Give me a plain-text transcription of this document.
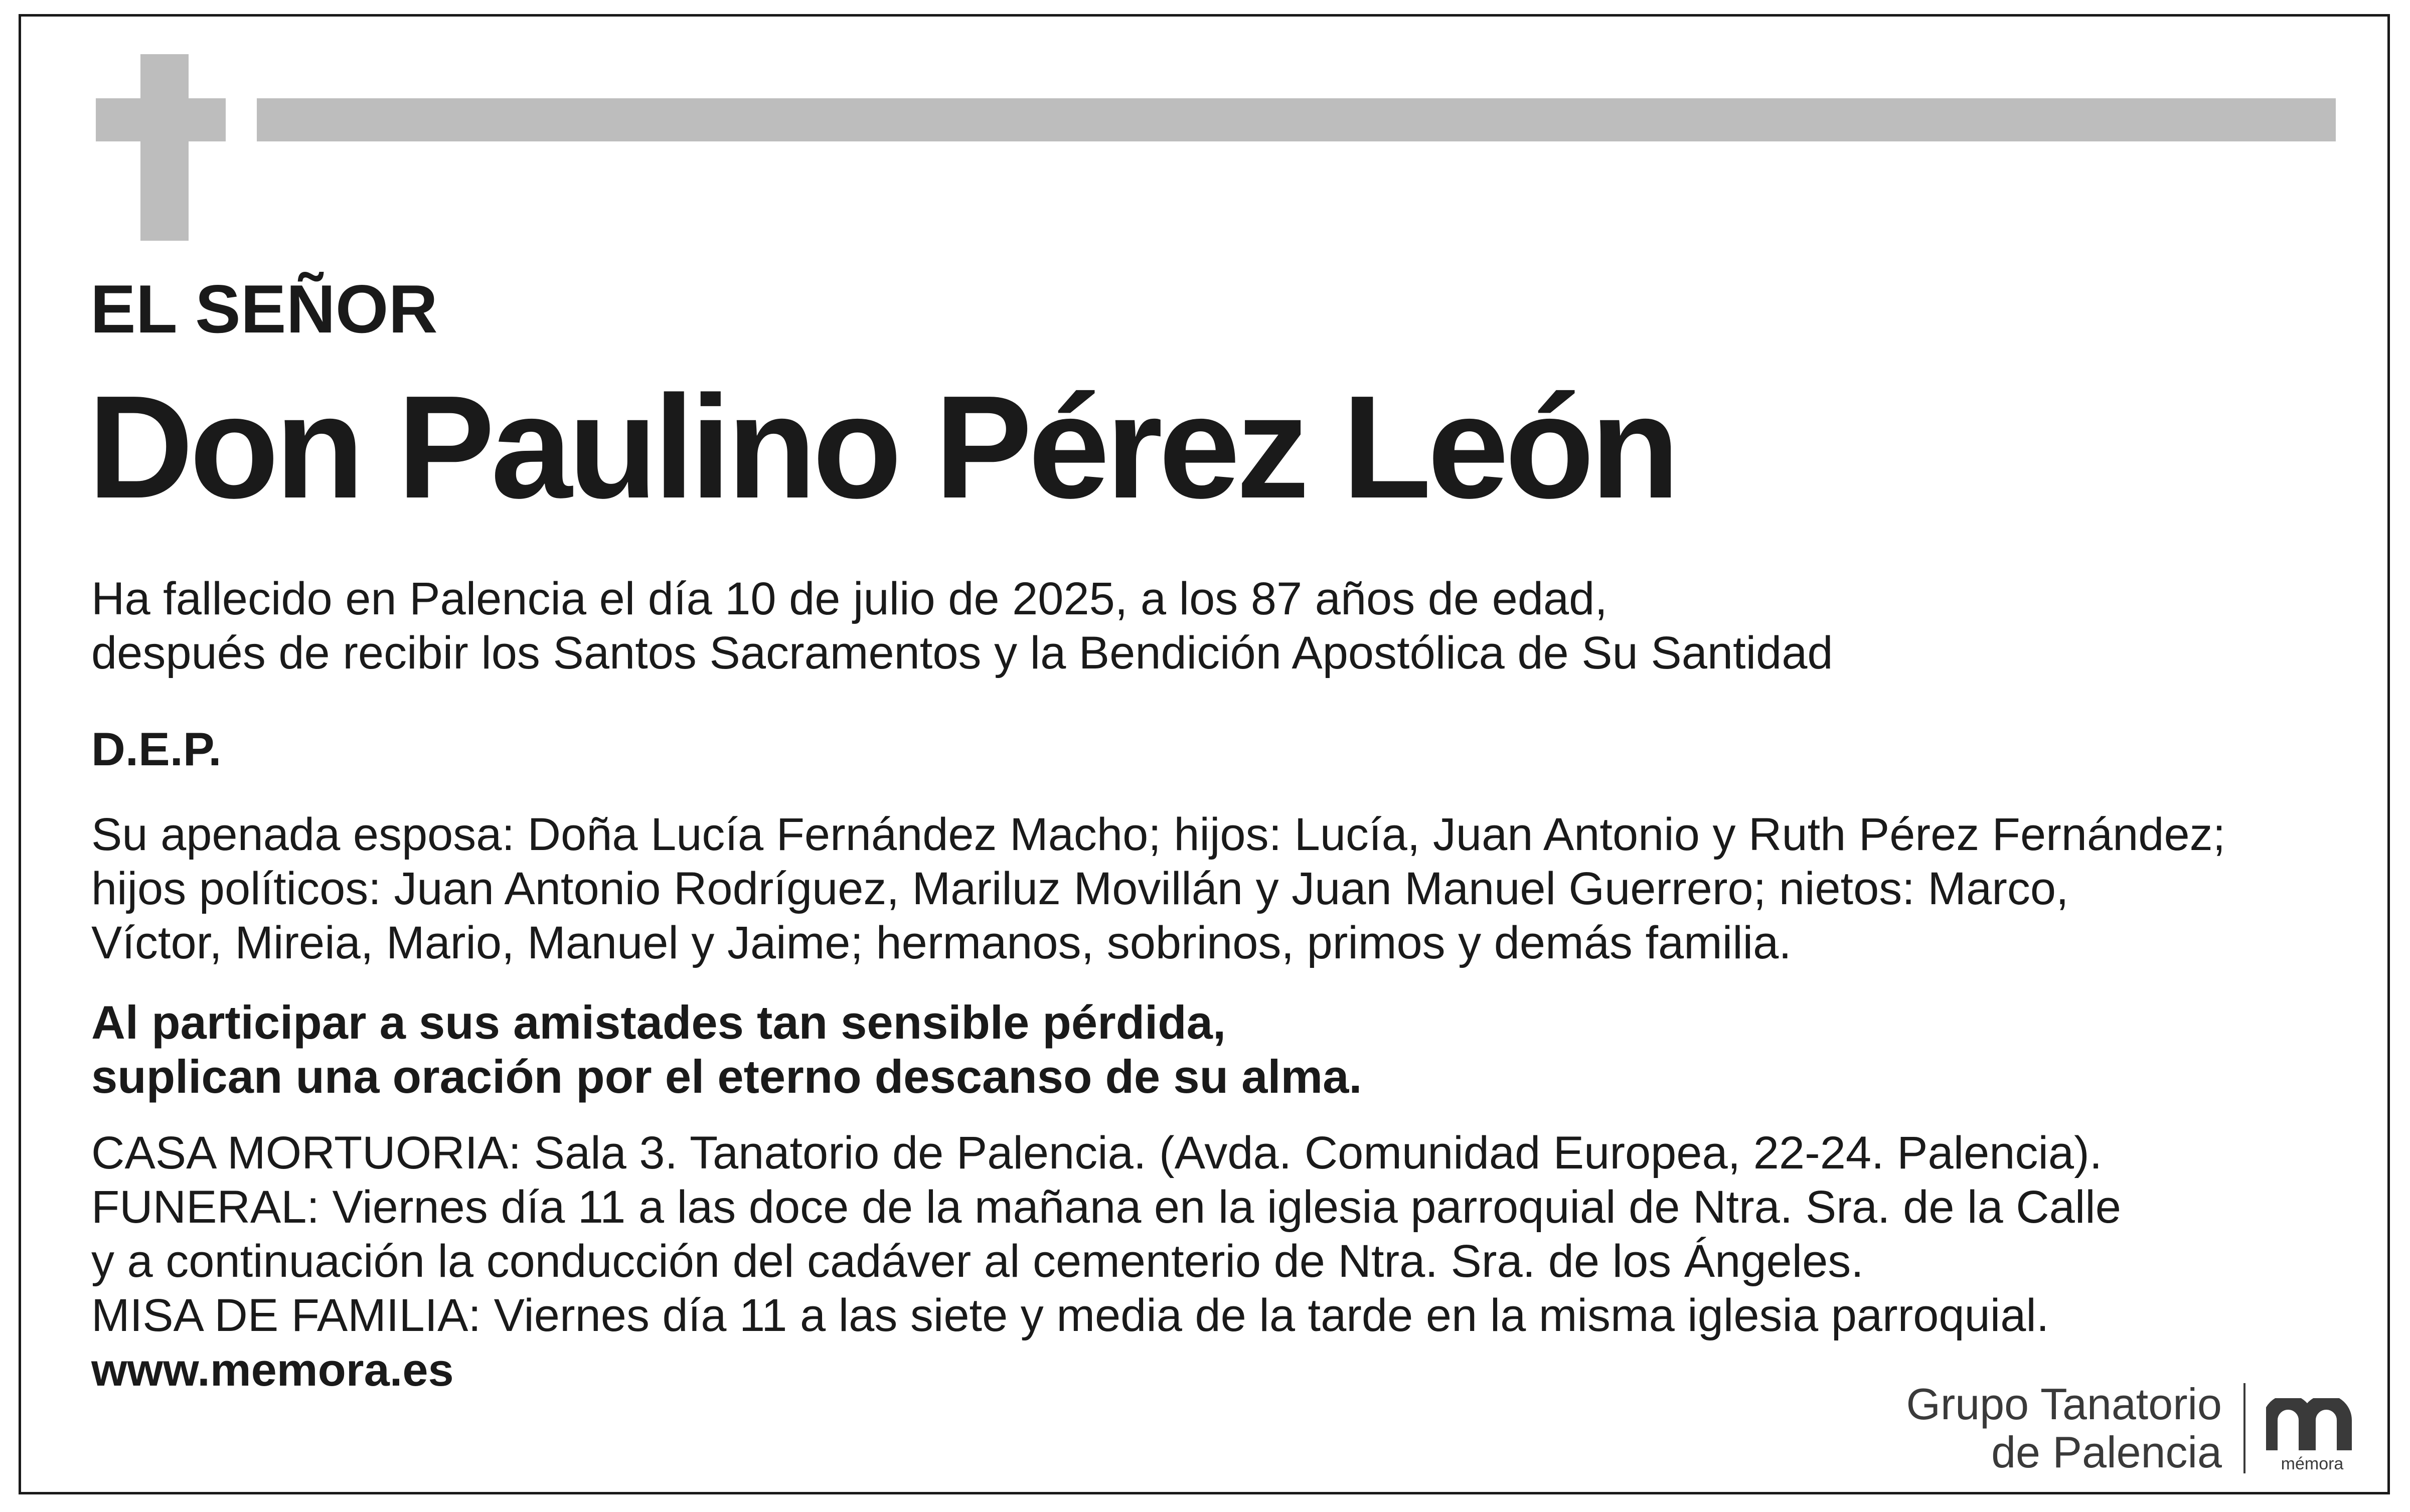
EL SEÑOR
Don Paulino Pérez León
Ha fallecido en Palencia el día 10 de julio de 2025, a los 87 años de edad,
después de recibir los Santos Sacramentos y la Bendición Apostólica de Su Santidad
D.E.P.
Su apenada esposa: Doña Lucía Fernández Macho; hijos: Lucía, Juan Antonio y Ruth Pérez Fernández;
hijos políticos: Juan Antonio Rodríguez, Mariluz Movillán y Juan Manuel Guerrero; nietos: Marco,
Víctor, Mireia, Mario, Manuel y Jaime; hermanos, sobrinos, primos y demás familia.
Al participar a sus amistades tan sensible pérdida,
suplican una oración por el eterno descanso de su alma.
CASA MORTUORIA: Sala 3. Tanatorio de Palencia. (Avda. Comunidad Europea, 22-24. Palencia).
FUNERAL: Viernes día 11 a las doce de la mañana en la iglesia parroquial de Ntra. Sra. de la Calle
y a continuación la conducción del cadáver al cementerio de Ntra. Sra. de los Ángeles.
MISA DE FAMILIA: Viernes día 11 a las siete y media de la tarde en la misma iglesia parroquial.
www.memora.es
Grupo Tanatorio
de Palencia	mémora
